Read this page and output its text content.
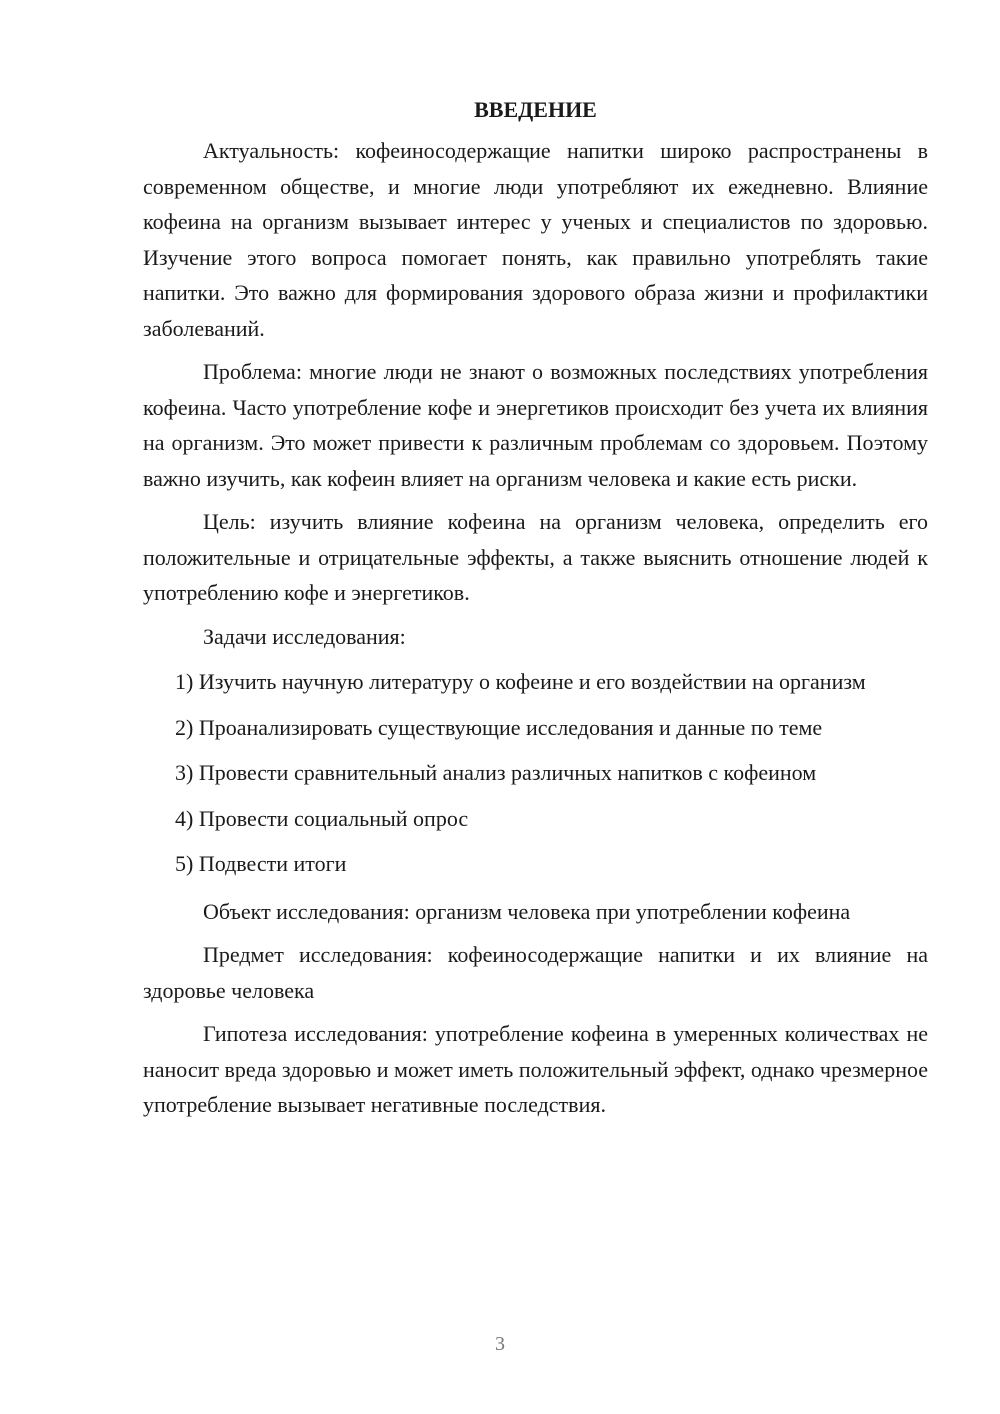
ВВЕДЕНИЕ

Актуальность: кофеиносодержащие напитки широко распространены в современном обществе, и многие люди употребляют их ежедневно. Влияние кофеина на организм вызывает интерес у ученых и специалистов по здоровью. Изучение этого вопроса помогает понять, как правильно употреблять такие напитки. Это важно для формирования здорового образа жизни и профилактики заболеваний.

Проблема: многие люди не знают о возможных последствиях употребления кофеина. Часто употребление кофе и энергетиков происходит без учета их влияния на организм. Это может привести к различным проблемам со здоровьем. Поэтому важно изучить, как кофеин влияет на организм человека и какие есть риски.

Цель: изучить влияние кофеина на организм человека, определить его положительные и отрицательные эффекты, а также выяснить отношение людей к употреблению кофе и энергетиков.

Задачи исследования:

1) Изучить научную литературу о кофеине и его воздействии на организм
2) Проанализировать существующие исследования и данные по теме
3) Провести сравнительный анализ различных напитков с кофеином
4) Провести социальный опрос
5) Подвести итоги

Объект исследования: организм человека при употреблении кофеина

Предмет исследования: кофеиносодержащие напитки и их влияние на здоровье человека

Гипотеза исследования: употребление кофеина в умеренных количествах не наносит вреда здоровью и может иметь положительный эффект, однако чрезмерное употребление вызывает негативные последствия.

3
